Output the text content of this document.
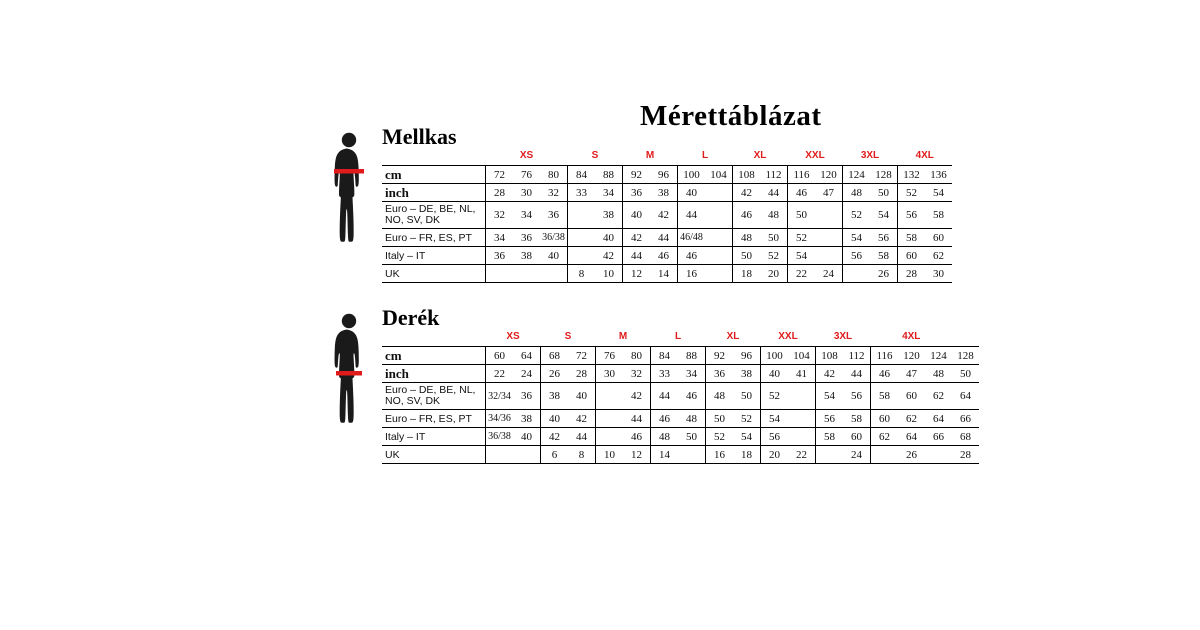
Mérettáblázat
Mellkas
	XS			S		M		L		XL		XXL		3XL		4XL	
cm	72	76	80	84	88	92	96	100	104	108	112	116	120	124	128	132	136
inch	28	30	32	33	34	36	38	40		42	44	46	47	48	50	52	54
Euro – DE, BE, NL, NO, SV, DK	32	34	36		38	40	42	44		46	48	50		52	54	56	58
Euro – FR, ES, PT	34	36	36/38		40	42	44	46/48		48	50	52		54	56	58	60
Italy – IT	36	38	40		42	44	46	46		50	52	54		56	58	60	62
UK				8	10	12	14	16		18	20	22	24		26	28	30
Derék
	XS		S		M		L		XL		XXL		3XL		4XL			
cm	60	64	68	72	76	80	84	88	92	96	100	104	108	112	116	120	124	128
inch	22	24	26	28	30	32	33	34	36	38	40	41	42	44	46	47	48	50
Euro – DE, BE, NL, NO, SV, DK	32/34	36	38	40		42	44	46	48	50	52		54	56	58	60	62	64
Euro – FR, ES, PT	34/36	38	40	42		44	46	48	50	52	54		56	58	60	62	64	66
Italy – IT	36/38	40	42	44		46	48	50	52	54	56		58	60	62	64	66	68
UK			6	8	10	12	14		16	18	20	22		24		26		28
